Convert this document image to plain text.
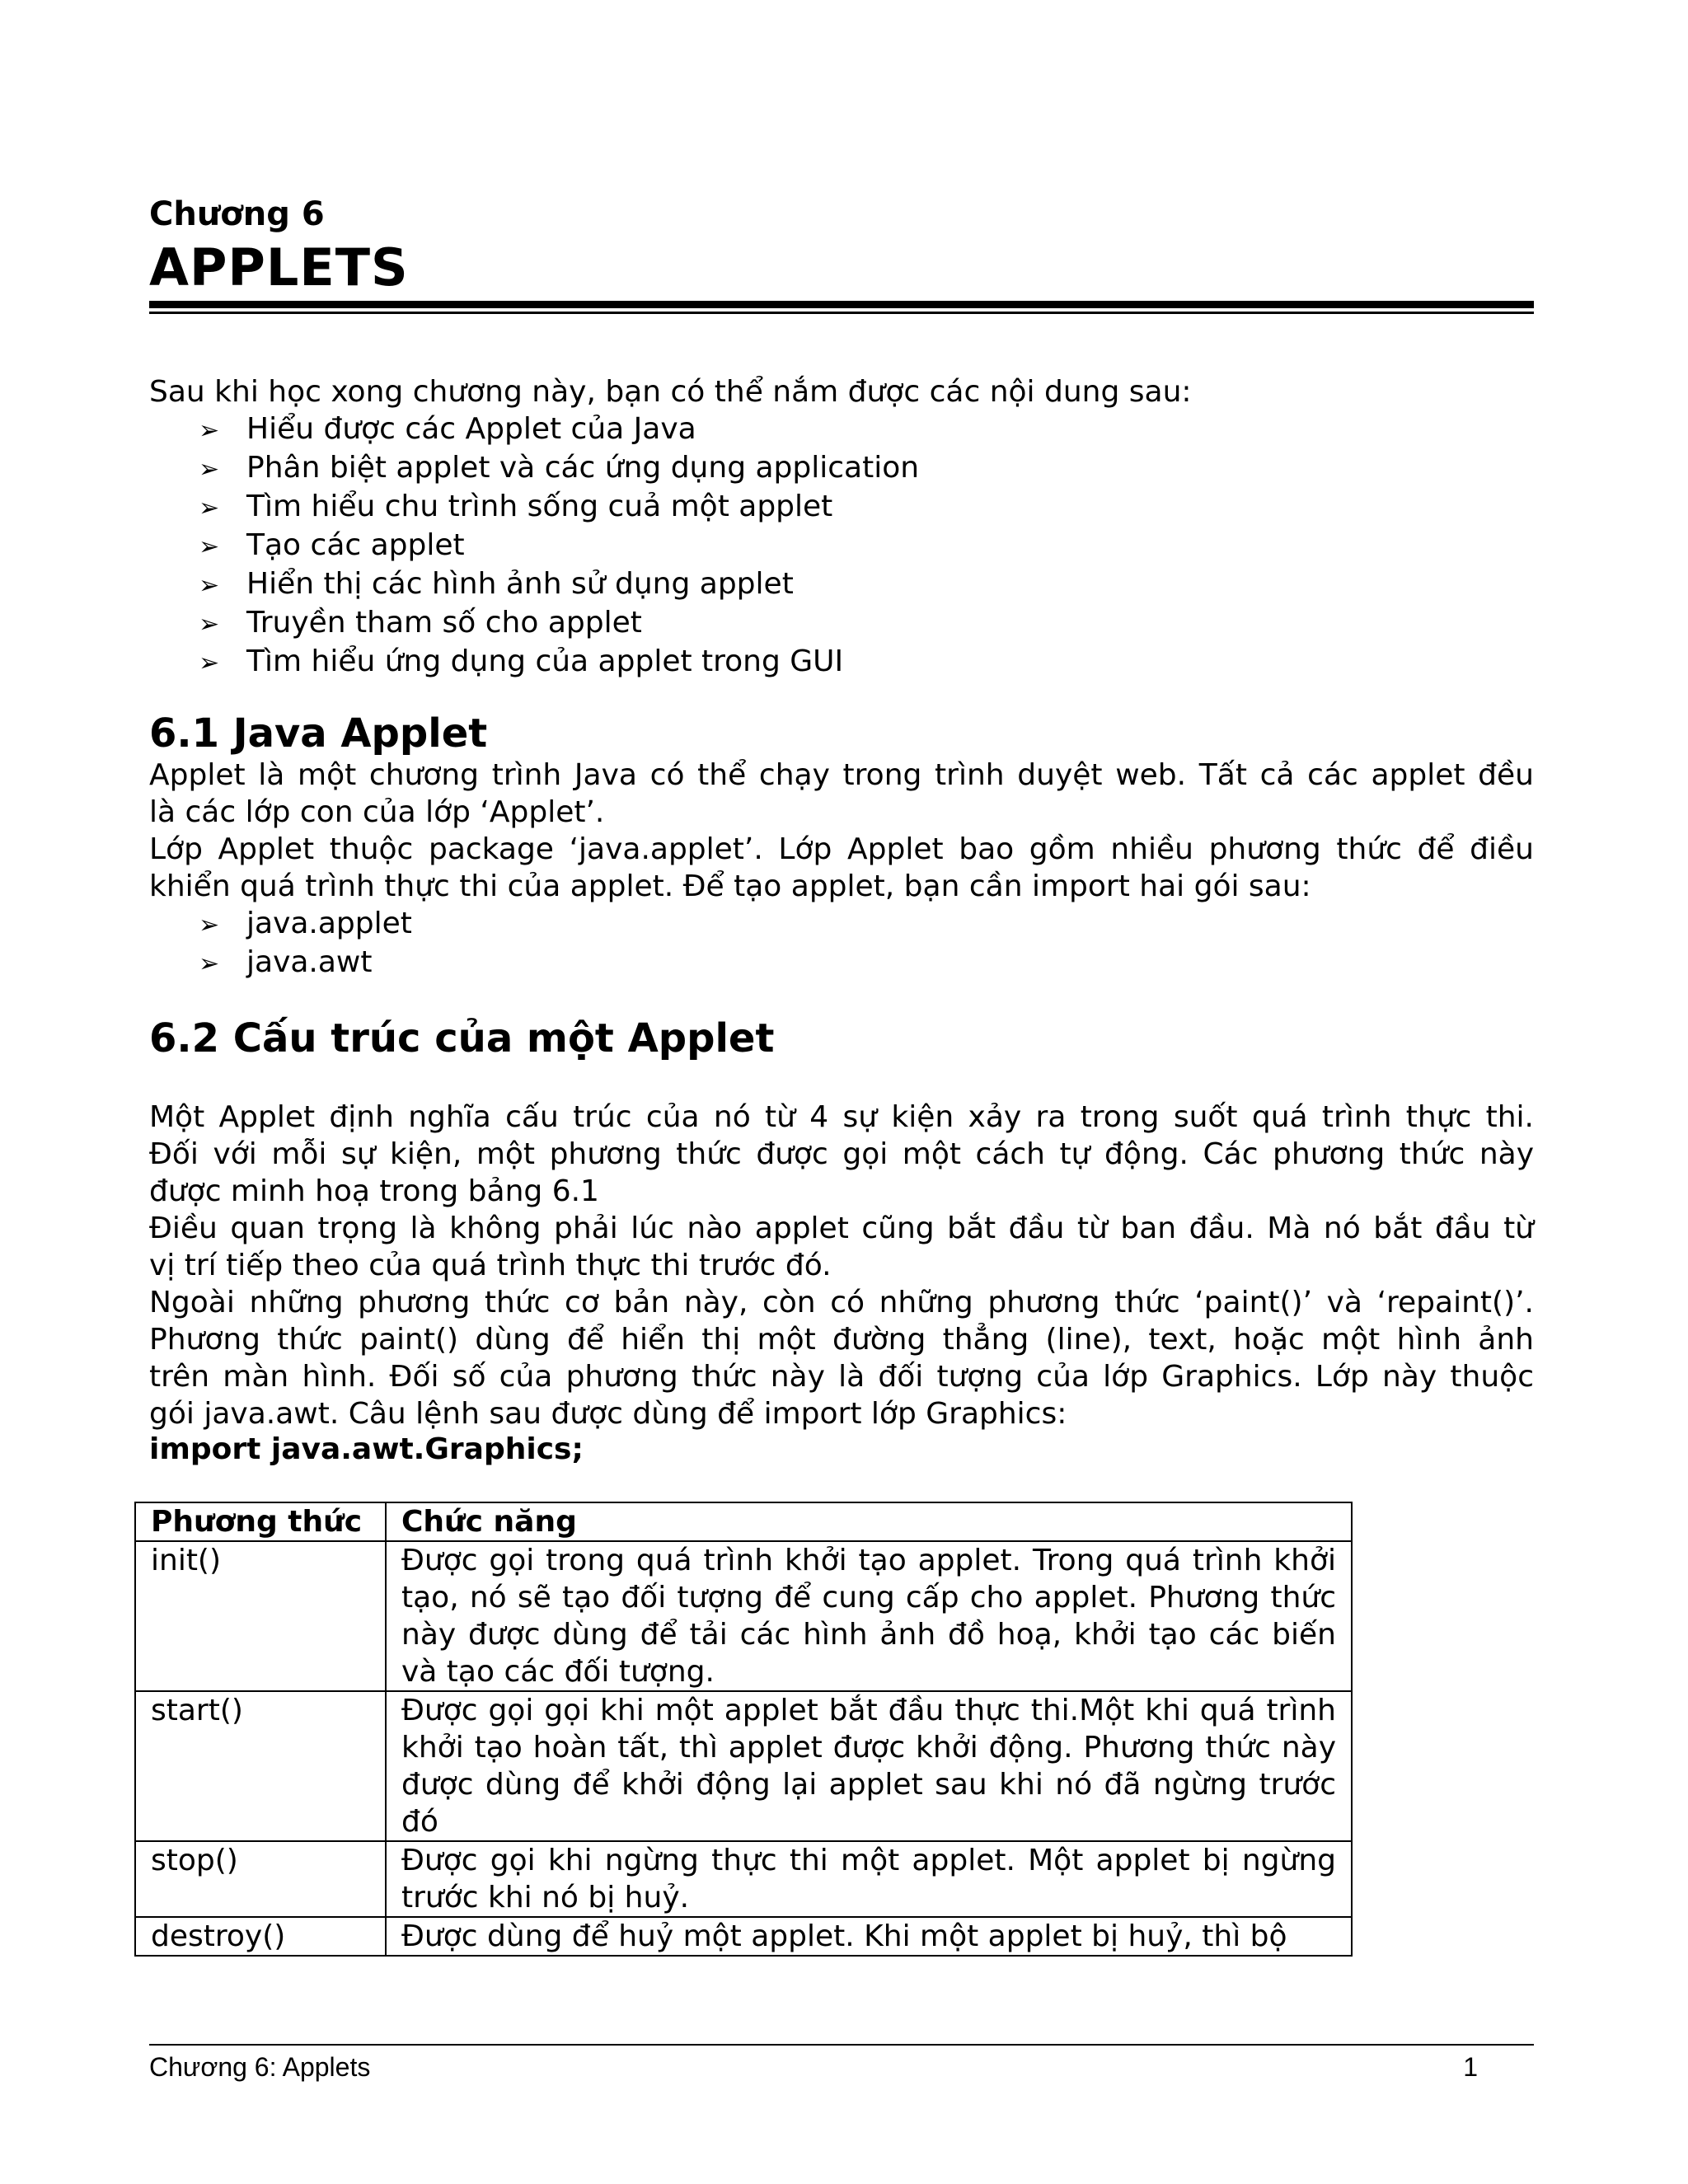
Chương 6
APPLETS
Sau khi học xong chương này, bạn có thể nắm được các nội dung sau:
➢ Hiểu được các Applet của Java
➢ Phân biệt applet và các ứng dụng application
➢ Tìm hiểu chu trình sống cuả một applet
➢ Tạo các applet
➢ Hiển thị các hình ảnh sử dụng applet
➢ Truyền tham số cho applet
➢ Tìm hiểu ứng dụng của applet trong GUI
6.1 Java Applet
Applet là một chương trình Java có thể chạy trong trình duyệt web. Tất cả các applet đều
là các lớp con của lớp ‘Applet’.
Lớp Applet thuộc package ‘java.applet’. Lớp Applet bao gồm nhiều phương thức để điều
khiển quá trình thực thi của applet. Để tạo applet, bạn cần import hai gói sau:
➢ java.applet
➢ java.awt
6.2 Cấu trúc của một Applet
Một Applet định nghĩa cấu trúc của nó từ 4 sự kiện xảy ra trong suốt quá trình thực thi.
Đối với mỗi sự kiện, một phương thức được gọi một cách tự động. Các phương thức này
được minh hoạ trong bảng 6.1
Điều quan trọng là không phải lúc nào applet cũng bắt đầu từ ban đầu. Mà nó bắt đầu từ
vị trí tiếp theo của quá trình thực thi trước đó.
Ngoài những phương thức cơ bản này, còn có những phương thức ‘paint()’ và ‘repaint()’.
Phương thức paint() dùng để hiển thị một đường thẳng (line), text, hoặc một hình ảnh
trên màn hình. Đối số của phương thức này là đối tượng của lớp Graphics. Lớp này thuộc
gói java.awt. Câu lệnh sau được dùng để import lớp Graphics:
import java.awt.Graphics;
Phương thức	Chức năng
init()	Được gọi trong quá trình khởi tạo applet. Trong quá trình khởi tạo, nó sẽ tạo đối tượng để cung cấp cho applet. Phương thức này được dùng để tải các hình ảnh đồ hoạ, khởi tạo các biến và tạo các đối tượng.
start()	Được gọi gọi khi một applet bắt đầu thực thi.Một khi quá trình khởi tạo hoàn tất, thì applet được khởi động. Phương thức này được dùng để khởi động lại applet sau khi nó đã ngừng trước đó
stop()	Được gọi khi ngừng thực thi một applet. Một applet bị ngừng trước khi nó bị huỷ.
destroy()	Được dùng để huỷ một applet. Khi một applet bị huỷ, thì bộ
Chương 6: Applets	1
